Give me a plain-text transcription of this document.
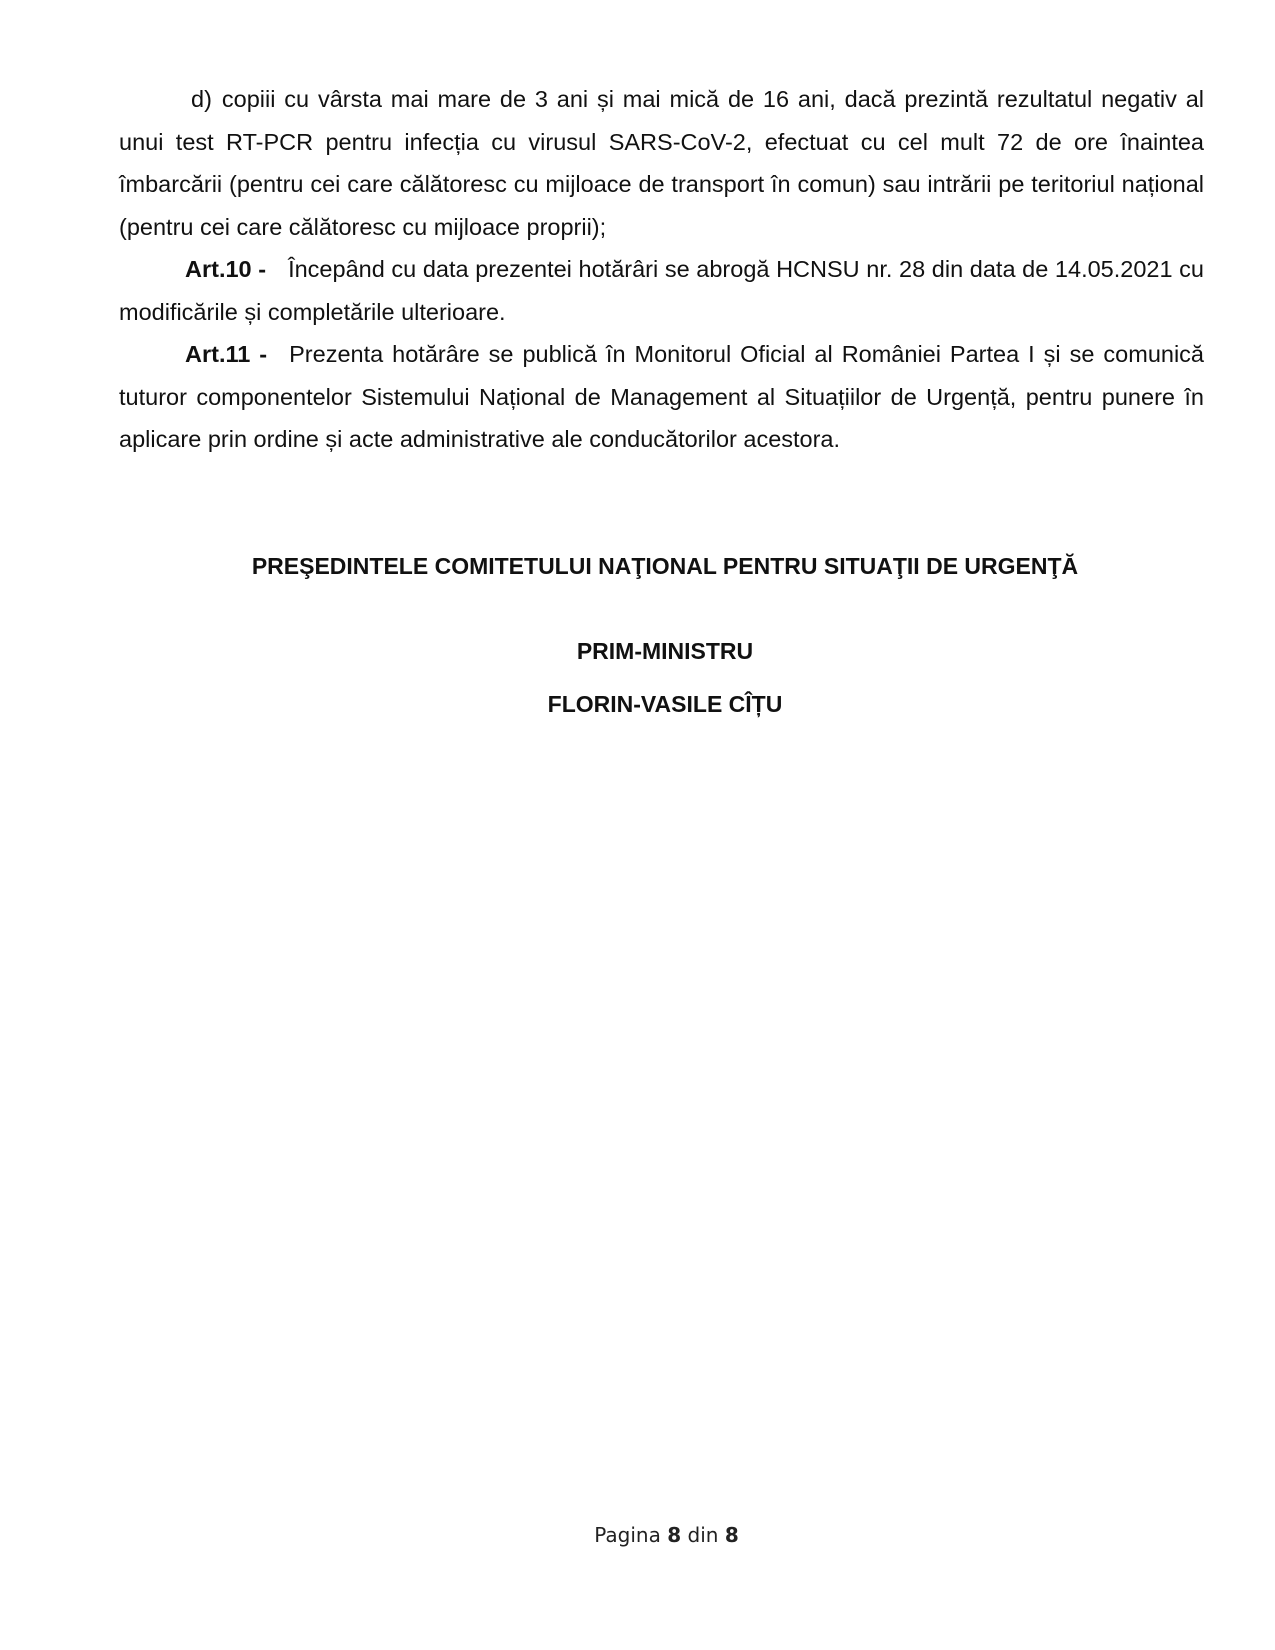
d) copiii cu vârsta mai mare de 3 ani și mai mică de 16 ani, dacă prezintă rezultatul negativ al unui test RT-PCR pentru infecția cu virusul SARS-CoV-2, efectuat cu cel mult 72 de ore înaintea îmbarcării (pentru cei care călătoresc cu mijloace de transport în comun) sau intrării pe teritoriul național (pentru cei care călătoresc cu mijloace proprii);

Art.10 - Începând cu data prezentei hotărâri se abrogă HCNSU nr. 28 din data de 14.05.2021 cu modificările și completările ulterioare.

Art.11 - Prezenta hotărâre se publică în Monitorul Oficial al României Partea I și se comunică tuturor componentelor Sistemului Național de Management al Situațiilor de Urgență, pentru punere în aplicare prin ordine și acte administrative ale conducătorilor acestora.

PREŞEDINTELE COMITETULUI NAŢIONAL PENTRU SITUAŢII DE URGENŢĂ

PRIM-MINISTRU

FLORIN-VASILE CÎȚU

Pagina 8 din 8
